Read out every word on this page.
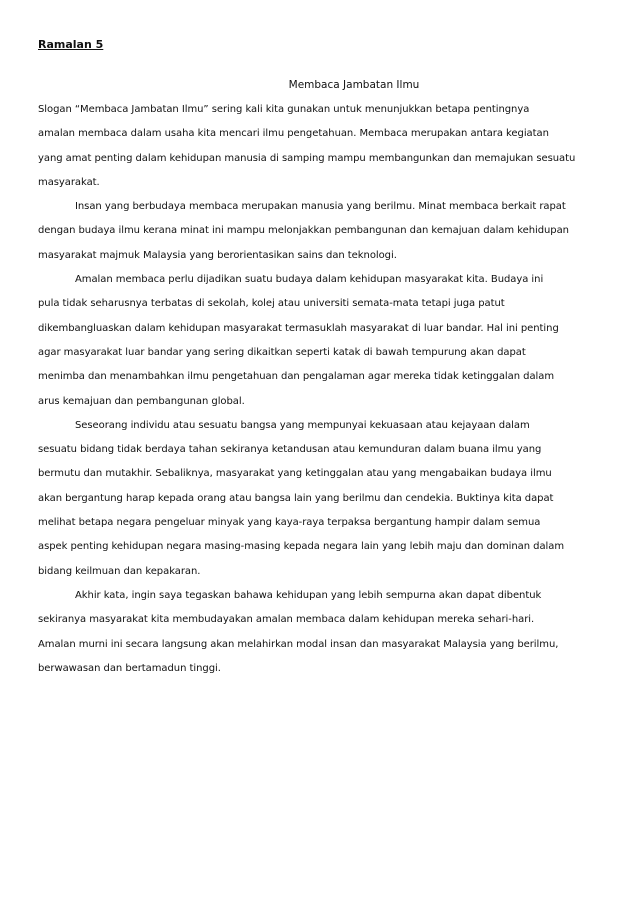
Ramalan 5
Membaca Jambatan Ilmu
Slogan “Membaca Jambatan Ilmu” sering kali kita gunakan untuk menunjukkan betapa pentingnya
amalan membaca dalam usaha kita mencari ilmu pengetahuan. Membaca merupakan antara kegiatan
yang amat penting dalam kehidupan manusia di samping mampu membangunkan dan memajukan sesuatu
masyarakat.
Insan yang berbudaya membaca merupakan manusia yang berilmu. Minat membaca berkait rapat
dengan budaya ilmu kerana minat ini mampu melonjakkan pembangunan dan kemajuan dalam kehidupan
masyarakat majmuk Malaysia yang berorientasikan sains dan teknologi.
Amalan membaca perlu dijadikan suatu budaya dalam kehidupan masyarakat kita. Budaya ini
pula tidak seharusnya terbatas di sekolah, kolej atau universiti semata-mata tetapi juga patut
dikembangluaskan dalam kehidupan masyarakat termasuklah masyarakat di luar bandar. Hal ini penting
agar masyarakat luar bandar yang sering dikaitkan seperti katak di bawah tempurung akan dapat
menimba dan menambahkan ilmu pengetahuan dan pengalaman agar mereka tidak ketinggalan dalam
arus kemajuan dan pembangunan global.
Seseorang individu atau sesuatu bangsa yang mempunyai kekuasaan atau kejayaan dalam
sesuatu bidang tidak berdaya tahan sekiranya ketandusan atau kemunduran dalam buana ilmu yang
bermutu dan mutakhir. Sebaliknya, masyarakat yang ketinggalan atau yang mengabaikan budaya ilmu
akan bergantung harap kepada orang atau bangsa lain yang berilmu dan cendekia. Buktinya kita dapat
melihat betapa negara pengeluar minyak yang kaya-raya terpaksa bergantung hampir dalam semua
aspek penting kehidupan negara masing-masing kepada negara lain yang lebih maju dan dominan dalam
bidang keilmuan dan kepakaran.
Akhir kata, ingin saya tegaskan bahawa kehidupan yang lebih sempurna akan dapat dibentuk
sekiranya masyarakat kita membudayakan amalan membaca dalam kehidupan mereka sehari-hari.
Amalan murni ini secara langsung akan melahirkan modal insan dan masyarakat Malaysia yang berilmu,
berwawasan dan bertamadun tinggi.
